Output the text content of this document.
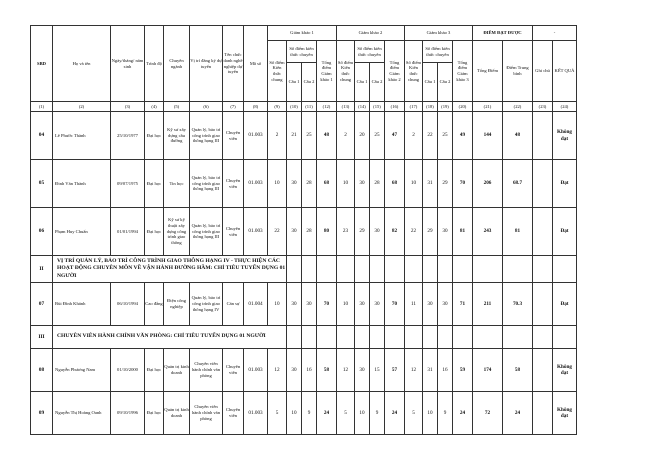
SBD	Họ và tên	Ngày/tháng/ năm sinh	Trình độ	Chuyên ngành	Vị trí đăng ký dự tuyển	Tên chức danh nghề nghiệp dự tuyển	Mã số	Giám khảo 1				Giám khảo 2				Giám khảo 3				ĐIỂM ĐẠT ĐƯỢC		-	
								Số điểm Kiến thức chung	Số điểm kiến thức chuyên		Tổng điểm Giám khảo 1	Số điểm Kiến thức chung	Số điểm kiến thức chuyên		Tổng điểm Giám khảo 2	Số điểm Kiến thức chung	Số điểm kiến thức chuyên		Tổng điểm Giám khảo 3	Tổng Điểm	Điểm Trung bình	Ghi chú	KẾT QUẢ
									Câu 1	Câu 2			Câu 1	Câu 2			Câu 1	Câu 2					
(1)	(2)	(3)	(4)	(5)	(6)	(7)	(8)	(9)	(10)	(11)	(12)	(13)	(14)	(15)	(16)	(17)	(18)	(19)	(20)	(21)	(22)	(23)	(24)
04	Lê Phước Thành	25/10/1977	Đại học	Kỹ sư xây dựng cầu đường	Quản lý, bảo trì công trình giao thông hạng III	Chuyên viên	01.003	2	21	25	48	2	20	25	47	2	22	25	49	144	48		Không đạt
05	Đinh Văn Thành	09/07/1975	Đại học	Tin học	Quản lý, bảo trì công trình giao thông hạng III	Chuyên viên	01.003	10	30	28	68	10	30	28	68	10	31	29	70	206	68.7		Đạt
06	Phạm Huy Chuẩn	01/01/1994	Đại học	Kỹ sư kỹ thuật xây dựng công trình giao thông	Quản lý, bảo trì công trình giao thông hạng III	Chuyên viên	01.003	22	30	28	80	23	29	30	82	22	29	30	81	243	81		Đạt
II	VỊ TRÍ QUẢN LÝ, BẢO TRÌ CÔNG TRÌNH GIAO THÔNG HẠNG IV - THỰC HIỆN CÁC HOẠT ĐỘNG CHUYÊN MÔN VỀ VẬN HÀNH ĐƯỜNG HẦM: CHỈ TIÊU TUYỂN DỤNG 01 NGƯỜI																						
07	Bùi Đình Khánh	06/10/1994	Cao đẳng	Điện công nghiệp	Quản lý, bảo trì công trình giao thông hạng IV	Cán sự	01.004	10	30	30	70	10	30	30	70	11	30	30	71	211	70.3		Đạt
III	CHUYÊN VIÊN HÀNH CHÍNH VĂN PHÒNG: CHỈ TIÊU TUYỂN DỤNG 01 NGƯỜI																						
08	Nguyễn Phương Nam	01/10/2000	Đại học	Quản trị kinh doanh	Chuyên viên hành chính văn phòng	Chuyên viên	01.003	12	30	16	58	12	30	15	57	12	31	16	59	174	58		Không đạt
09	Nguyễn Thị Hoàng Oanh	09/10/1996	Đại học	Quản trị kinh doanh	Chuyên viên hành chính văn phòng	Chuyên viên	01.003	5	10	9	24	5	10	9	24	5	10	9	24	72	24		Không đạt
